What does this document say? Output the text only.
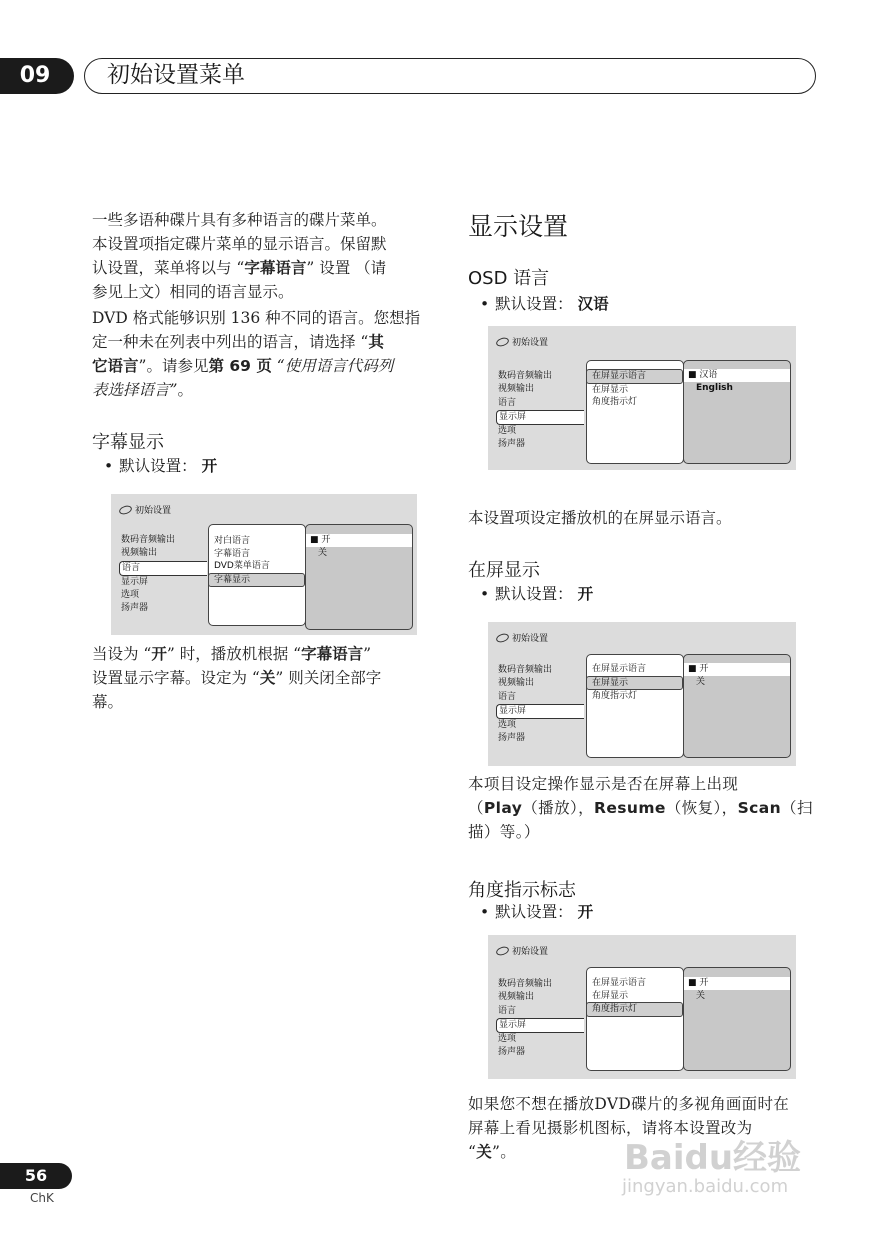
09	初始设置菜单
一些多语种碟片具有多种语言的碟片菜单。
本设置项指定碟片菜单的显示语言。保留默
认设置，菜单将以与 “字幕语言” 设置 （请
参见上文）相同的语言显示。
DVD 格式能够识别 136 种不同的语言。您想指
定一种未在列表中列出的语言，请选择 “其
它语言”。请参见第 69 页 “使用语言代码列
表选择语言”。
字幕显示
• 默认设置： 开
初始设置
数码音频输出
视频输出
语言
显示屏
选项
扬声器
对白语言
字幕语言
DVD菜单语言
字幕显示
■ 开
关
当设为 “开” 时，播放机根据 “字幕语言”
设置显示字幕。设定为 “关” 则关闭全部字
幕。
显示设置
OSD 语言
• 默认设置： 汉语
初始设置
数码音频输出
视频输出
语言
显示屏
选项
扬声器
在屏显示语言
在屏显示
角度指示灯
■ 汉语
English
本设置项设定播放机的在屏显示语言。
在屏显示
• 默认设置： 开
初始设置
数码音频输出
视频输出
语言
显示屏
选项
扬声器
在屏显示语言
在屏显示
角度指示灯
■ 开
关
本项目设定操作显示是否在屏幕上出现
（Play（播放），Resume（恢复），Scan（扫
描）等。）
角度指示标志
• 默认设置： 开
初始设置
数码音频输出
视频输出
语言
显示屏
选项
扬声器
在屏显示语言
在屏显示
角度指示灯
■ 开
关
如果您不想在播放DVD碟片的多视角画面时在
屏幕上看见摄影机图标，请将本设置改为
“关”。	Baidu经验
jingyan.baidu.com
56
ChK
